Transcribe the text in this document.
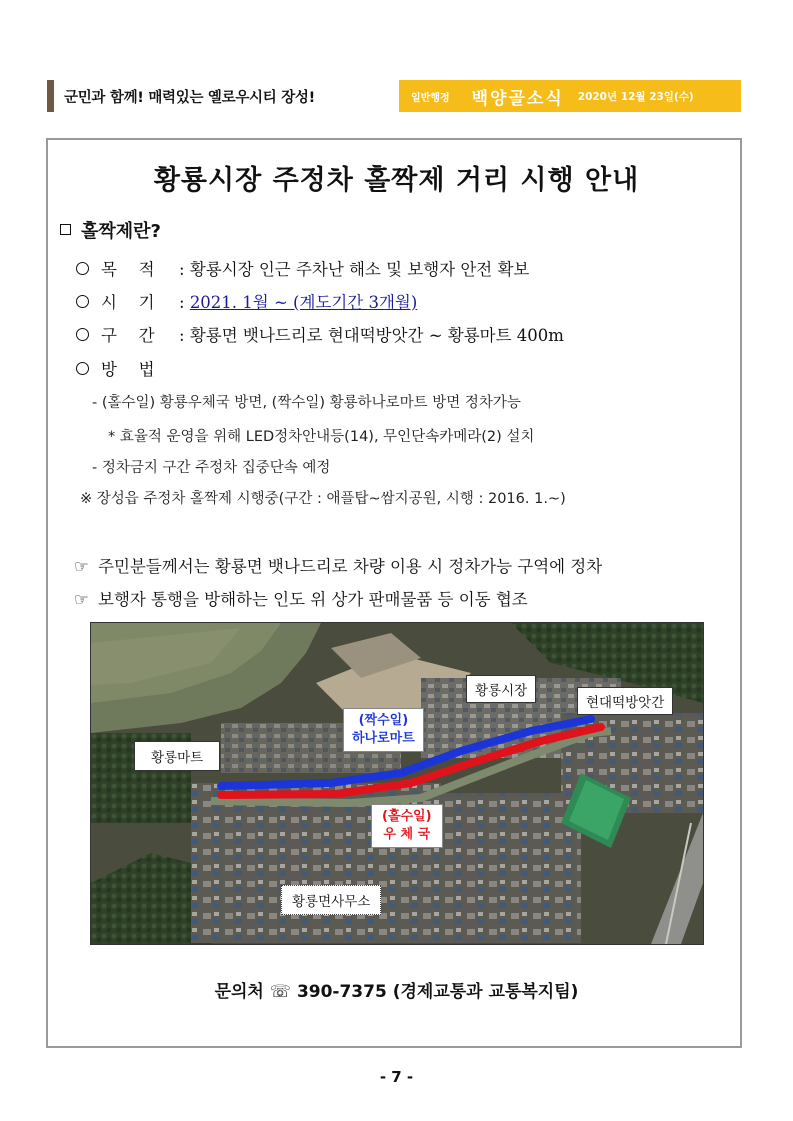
군민과 함께! 매력있는 옐로우시티 장성!	일반행정 백양골소식 2020년 12월 23일(수)
황룡시장 주정차 홀짝제 거리 시행 안내
홀짝제란?
목　 적 : 황룡시장 인근 주차난 해소 및 보행자 안전 확보
시　 기 : 2021. 1월 ~ (계도기간 3개월)
구　 간 : 황룡면 뱃나드리로 현대떡방앗간 ~ 황룡마트 400m
방　 법
- (홀수일) 황룡우체국 방면, (짝수일) 황룡하나로마트 방면 정차가능
* 효율적 운영을 위해 LED정차안내등(14), 무인단속카메라(2) 설치
- 정차금지 구간 주정차 집중단속 예정
※ 장성읍 주정차 홀짝제 시행중(구간 : 애플탑~쌈지공원, 시행 : 2016. 1.~)
☞ 주민분들께서는 황룡면 뱃나드리로 차량 이용 시 정차가능 구역에 정차
☞ 보행자 통행을 방해하는 인도 위 상가 판매물품 등 이동 협조
황룡시장
현대떡방앗간
황룡마트
황룡면사무소
(짝수일)
하나로마트
(홀수일)
우 체 국
문의처 ☏ 390-7375 (경제교통과 교통복지팀)
- 7 -
